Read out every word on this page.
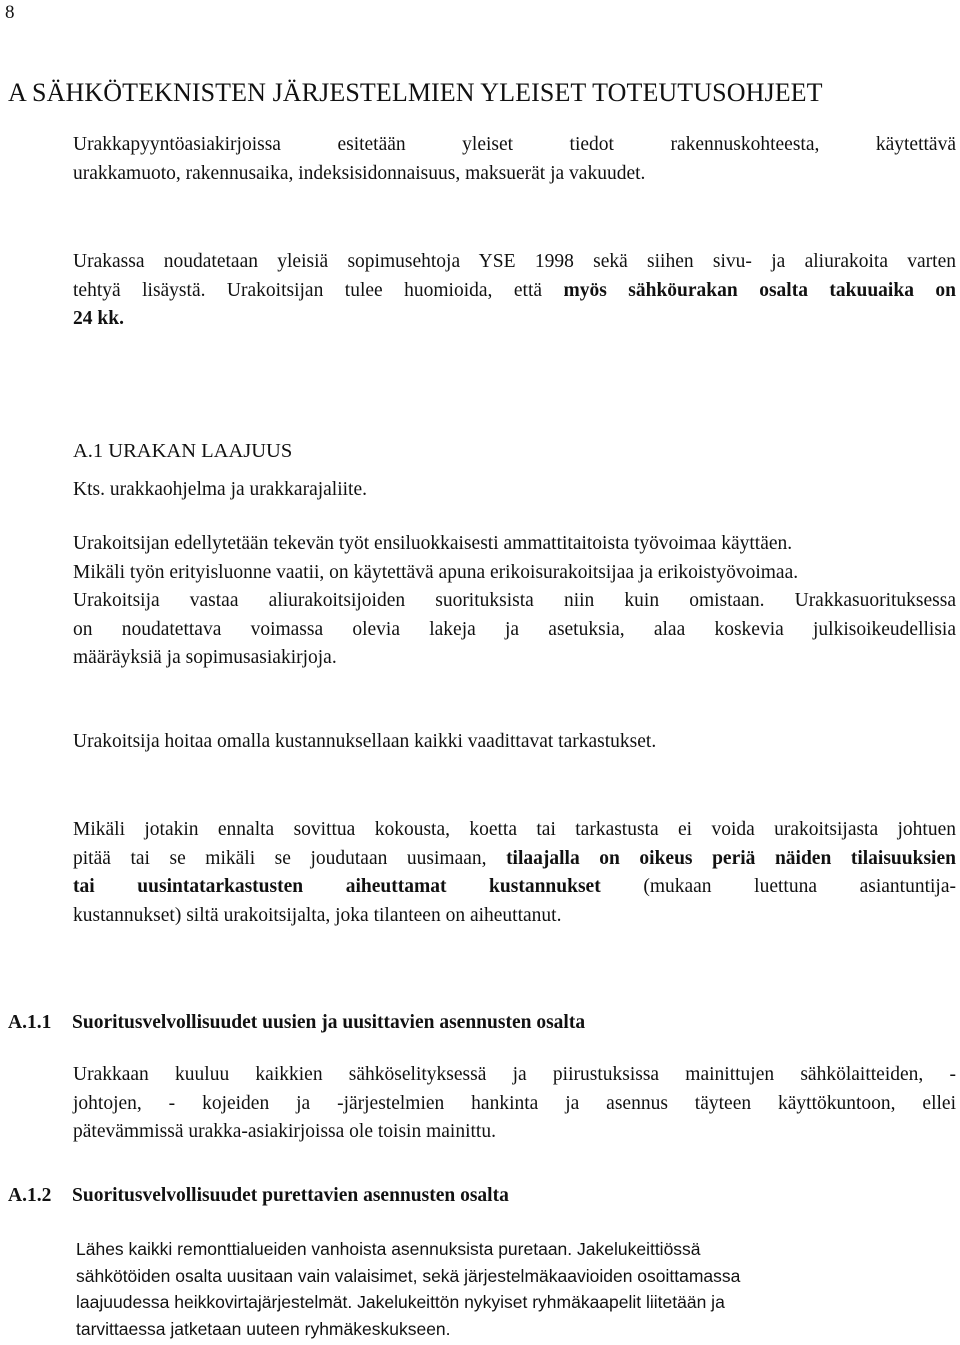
8
A SÄHKÖTEKNISTEN JÄRJESTELMIEN YLEISET TOTEUTUSOHJEET
Urakkapyyntöasiakirjoissa esitetään yleiset tiedot rakennuskohteesta, käytettävä
urakkamuoto, rakennusaika, indeksisidonnaisuus, maksuerät ja vakuudet.
Urakassa noudatetaan yleisiä sopimusehtoja YSE 1998 sekä siihen sivu- ja aliurakoita varten
tehtyä lisäystä. Urakoitsijan tulee huomioida, että myös sähköurakan osalta takuuaika on
24 kk.
A.1 URAKAN LAAJUUS
Kts. urakkaohjelma ja urakkarajaliite.
Urakoitsijan edellytetään tekevän työt ensiluokkaisesti ammattitaitoista työvoimaa käyttäen.
Mikäli työn erityisluonne vaatii, on käytettävä apuna erikoisurakoitsijaa ja erikoistyövoimaa.
Urakoitsija vastaa aliurakoitsijoiden suorituksista niin kuin omistaan. Urakkasuorituksessa
on noudatettava voimassa olevia lakeja ja asetuksia, alaa koskevia julkisoikeudellisia
määräyksiä ja sopimusasiakirjoja.
Urakoitsija hoitaa omalla kustannuksellaan kaikki vaadittavat tarkastukset.
Mikäli jotakin ennalta sovittua kokousta, koetta tai tarkastusta ei voida urakoitsijasta johtuen
pitää tai se mikäli se joudutaan uusimaan, tilaajalla on oikeus periä näiden tilaisuuksien
tai uusintatarkastusten aiheuttamat kustannukset (mukaan luettuna asiantuntija-
kustannukset) siltä urakoitsijalta, joka tilanteen on aiheuttanut.
A.1.1 Suoritusvelvollisuudet uusien ja uusittavien asennusten osalta
Urakkaan kuuluu kaikkien sähköselityksessä ja piirustuksissa mainittujen sähkölaitteiden, -
johtojen, - kojeiden ja -järjestelmien hankinta ja asennus täyteen käyttökuntoon, ellei
pätevämmissä urakka-asiakirjoissa ole toisin mainittu.
A.1.2 Suoritusvelvollisuudet purettavien asennusten osalta
Lähes kaikki remonttialueiden vanhoista asennuksista puretaan. Jakelukeittiössä
sähkötöiden osalta uusitaan vain valaisimet, sekä järjestelmäkaavioiden osoittamassa
laajuudessa heikkovirtajärjestelmät. Jakelukeittön nykyiset ryhmäkaapelit liitetään ja
tarvittaessa jatketaan uuteen ryhmäkeskukseen.
